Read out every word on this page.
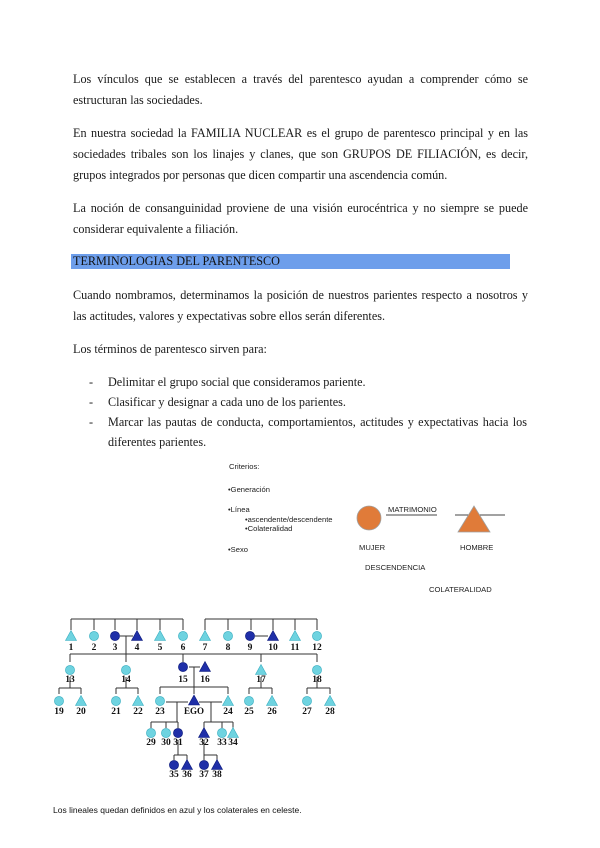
Los vínculos que se establecen a través del parentesco ayudan a comprender cómo se estructuran las sociedades.

En nuestra sociedad la FAMILIA NUCLEAR es el grupo de parentesco principal y en las sociedades tribales son los linajes y clanes, que son GRUPOS DE FILIACIÓN, es decir, grupos integrados por personas que dicen compartir una ascendencia común.

La noción de consanguinidad proviene de una visión eurocéntrica y no siempre se puede considerar equivalente a filiación.

TERMINOLOGIAS DEL PARENTESCO

Cuando nombramos, determinamos la posición de nuestros parientes respecto a nosotros y las actitudes, valores y expectativas sobre ellos serán diferentes.

Los términos de parentesco sirven para:

- Delimitar el grupo social que consideramos pariente.
- Clasificar y designar a cada uno de los parientes.
- Marcar las pautas de conducta, comportamientos, actitudes y expectativas hacia los diferentes parientes.
Criterios:
•Generación
•Línea
•ascendente/descendente
•Colateralidad
•Sexo
MATRIMONIO
MUJER	HOMBRE
DESCENDENCIA
COLATERALIDAD
1 2 3 4 5 6 7 8 9 10 11 12
13	14	15 16	17	18
19 20	21 22 23	24 25 26	27 28
29 30 31 32 33 34
35 36 37 38
EGO
Los lineales quedan definidos en azul y los colaterales en celeste.
